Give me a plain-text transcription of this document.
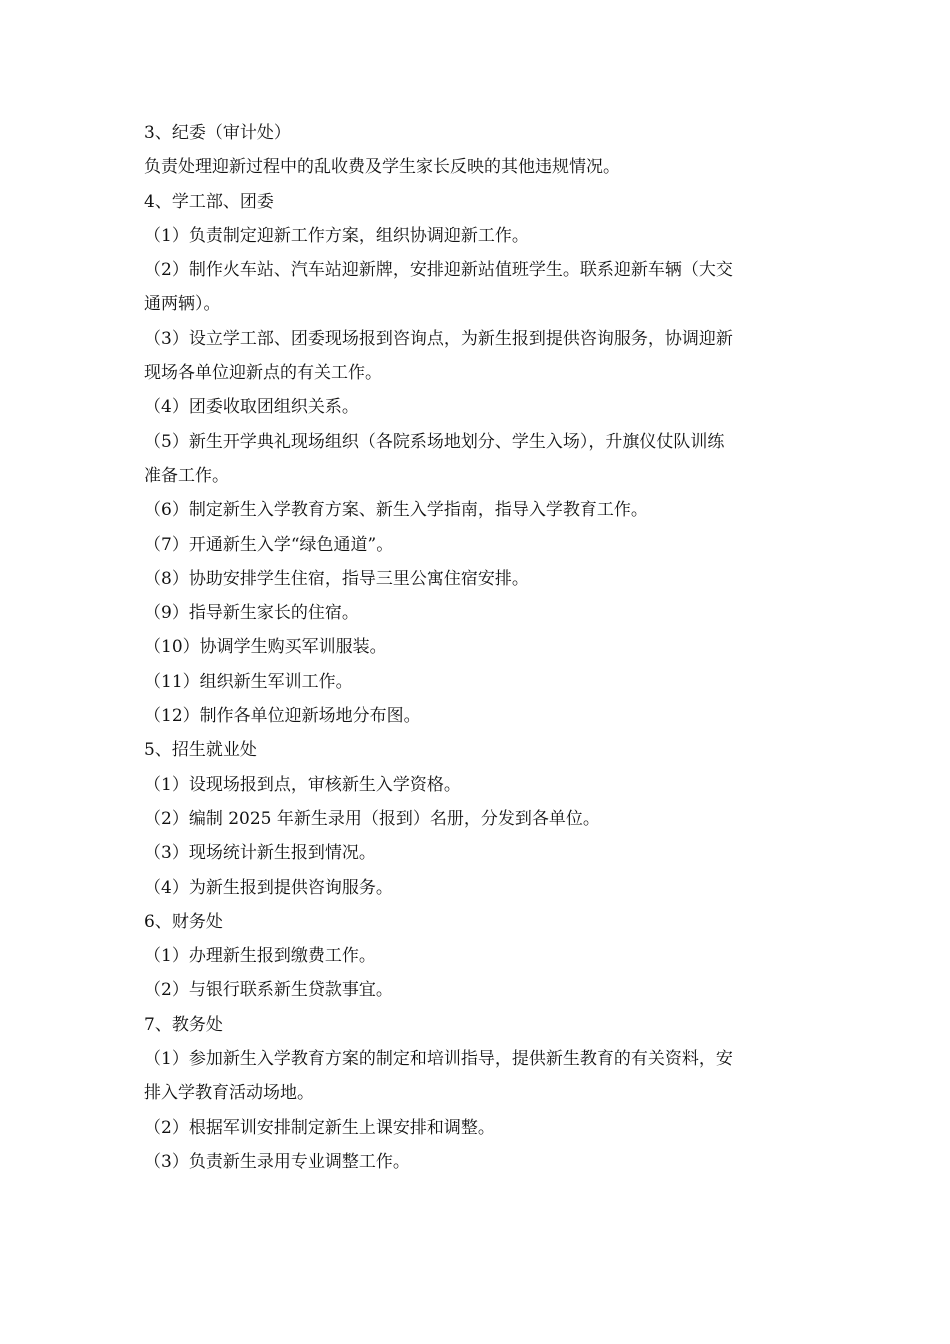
3、纪委（审计处）
负责处理迎新过程中的乱收费及学生家长反映的其他违规情况。
4、学工部、团委
（1）负责制定迎新工作方案，组织协调迎新工作。
（2）制作火车站、汽车站迎新牌，安排迎新站值班学生。联系迎新车辆（大交
通两辆）。
（3）设立学工部、团委现场报到咨询点，为新生报到提供咨询服务，协调迎新
现场各单位迎新点的有关工作。
（4）团委收取团组织关系。
（5）新生开学典礼现场组织（各院系场地划分、学生入场），升旗仪仗队训练
准备工作。
（6）制定新生入学教育方案、新生入学指南，指导入学教育工作。
（7）开通新生入学“绿色通道”。
（8）协助安排学生住宿，指导三里公寓住宿安排。
（9）指导新生家长的住宿。
（10）协调学生购买军训服装。
（11）组织新生军训工作。
（12）制作各单位迎新场地分布图。
5、招生就业处
（1）设现场报到点，审核新生入学资格。
（2）编制 2025 年新生录用（报到）名册，分发到各单位。
（3）现场统计新生报到情况。
（4）为新生报到提供咨询服务。
6、财务处
（1）办理新生报到缴费工作。
（2）与银行联系新生贷款事宜。
7、教务处
（1）参加新生入学教育方案的制定和培训指导，提供新生教育的有关资料，安
排入学教育活动场地。
（2）根据军训安排制定新生上课安排和调整。
（3）负责新生录用专业调整工作。
